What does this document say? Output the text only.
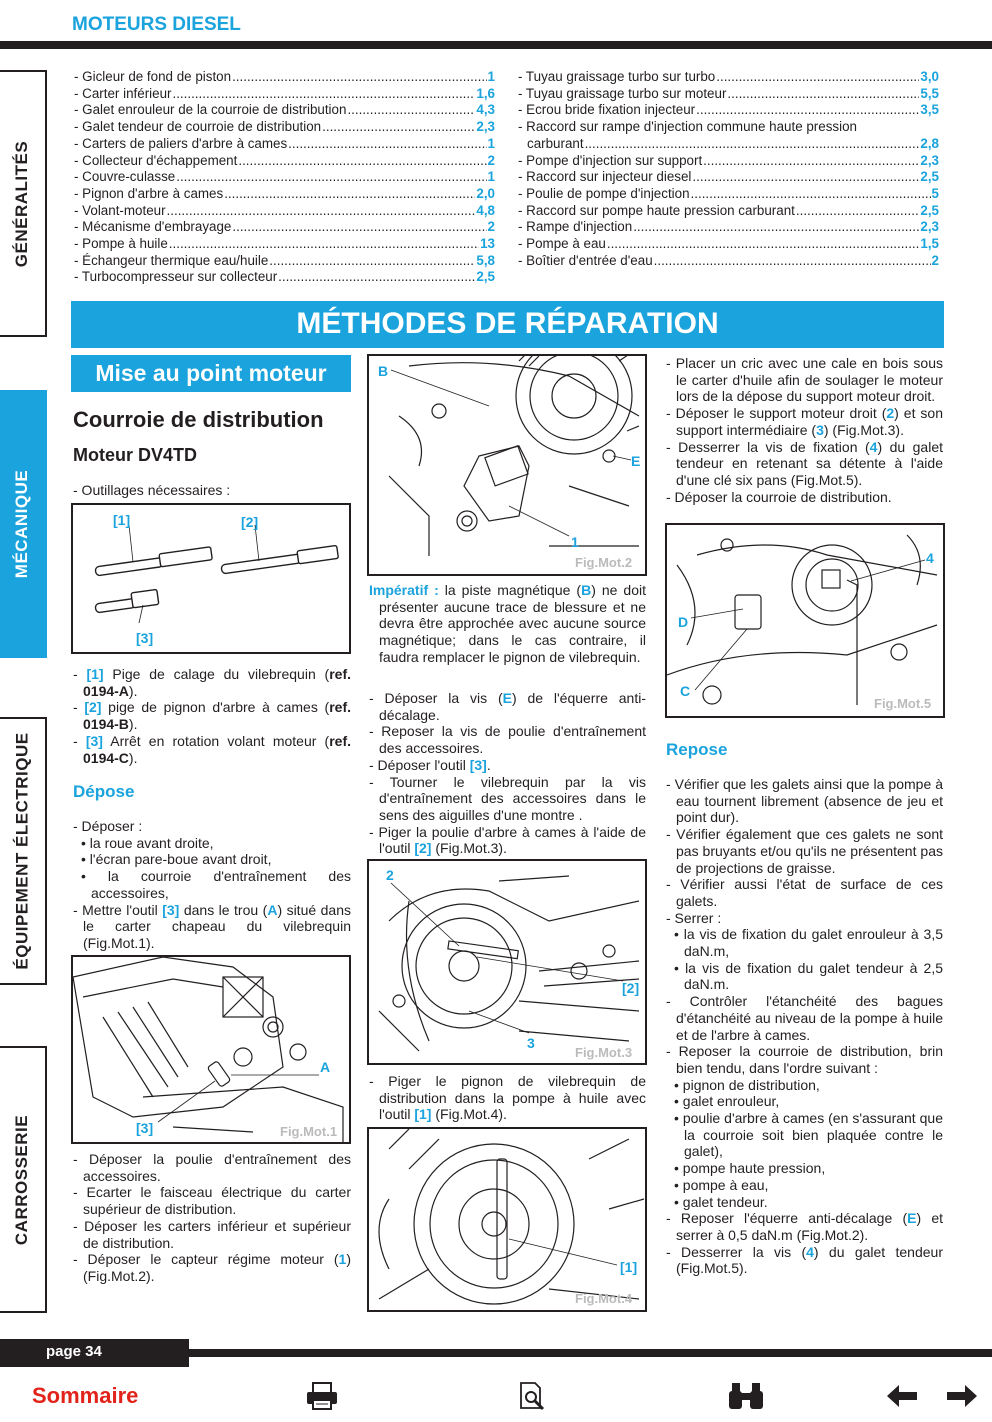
MOTEURS DIESEL
GÉNÉRALITÉS
MÉCANIQUE
ÉQUIPEMENT ÉLECTRIQUE
CARROSSERIE
- Gicleur de fond de piston .....	1
- Carter inférieur .....	1,6
- Galet enrouleur de la courroie de distribution .....	4,3
- Galet tendeur de courroie de distribution .....	2,3
- Carters de paliers d'arbre à cames .....	1
- Collecteur d'échappement .....	2
- Couvre-culasse .....	1
- Pignon d'arbre à cames .....	2,0
- Volant-moteur .....	4,8
- Mécanisme d'embrayage .....	2
- Pompe à huile .....	13
- Échangeur thermique eau/huile .....	5,8
- Turbocompresseur sur collecteur .....	2,5
- Tuyau graissage turbo sur turbo .....	3,0
- Tuyau graissage turbo sur moteur .....	5,5
- Ecrou bride fixation injecteur .....	3,5
- Raccord sur rampe d'injection commune haute pression
carburant .....	2,8
- Pompe d'injection sur support .....	2,3
- Raccord sur injecteur diesel .....	2,5
- Poulie de pompe d'injection .....	5
- Raccord sur pompe haute pression carburant .....	2,5
- Rampe d'injection .....	2,3
- Pompe à eau .....	1,5
- Boîtier d'entrée d'eau .....	2
MÉTHODES DE RÉPARATION
Mise au point moteur
Courroie de distribution
Moteur DV4TD
- Outillages nécessaires :
[1]	[2]
[3]

- [1] Pige de calage du vilebrequin (ref. 0194-A).

- [2] pige de pignon d'arbre à cames (ref. 0194-B).

- [3] Arrêt en rotation volant moteur (ref. 0194-C).

Dépose

- Déposer :

• la roue avant droite,

• l'écran pare-boue avant droit,

• la courroie d'entraînement des accessoires,

- Mettre l'outil [3] dans le trou (A) situé dans le carter chapeau du vilebrequin (Fig.Mot.1).

A
[3]	Fig.Mot.1

- Déposer la poulie d'entraînement des accessoires.

- Ecarter le faisceau électrique du carter supérieur de distribution.

- Déposer les carters inférieur et supérieur de distribution.

- Déposer le capteur régime moteur (1) (Fig.Mot.2).

B
E
1
Fig.Mot.2

Impératif : la piste magnétique (B) ne doit présenter aucune trace de blessure et ne devra être approchée avec aucune source magnétique; dans le cas contraire, il faudra remplacer le pignon de vilebrequin.

- Déposer la vis (E) de l'équerre anti-décalage.

- Reposer la vis de poulie d'entraînement des accessoires.

- Déposer l'outil [3].

- Tourner le vilebrequin par la vis d'entraînement des accessoires dans le sens des aiguilles d'une montre .

- Piger la poulie d'arbre à cames à l'aide de l'outil [2] (Fig.Mot.3).

2
[2]
3
Fig.Mot.3

- Piger le pignon de vilebrequin de distribution dans la pompe à huile avec l'outil [1] (Fig.Mot.4).

[1]
Fig.Mot.4

- Placer un cric avec une cale en bois sous le carter d'huile afin de soulager le moteur lors de la dépose du support moteur droit.

- Déposer le support moteur droit (2) et son support intermédiaire (3) (Fig.Mot.3).

- Desserrer la vis de fixation (4) du galet tendeur en retenant sa détente à l'aide d'une clé six pans (Fig.Mot.5).

- Déposer la courroie de distribution.

4
D
C
Fig.Mot.5
Repose

- Vérifier que les galets ainsi que la pompe à eau tournent librement (absence de jeu et point dur).

- Vérifier également que ces galets ne sont pas bruyants et/ou qu'ils ne présentent pas de projections de graisse.

- Vérifier aussi l'état de surface de ces galets.

- Serrer :

• la vis de fixation du galet enrouleur à 3,5 daN.m,

• la vis de fixation du galet tendeur à 2,5 daN.m.

- Contrôler l'étanchéité des bagues d'étanchéité au niveau de la pompe à huile et de l'arbre à cames.

- Reposer la courroie de distribution, brin bien tendu, dans l'ordre suivant :

• pignon de distribution,

• galet enrouleur,

• poulie d'arbre à cames (en s'assurant que la courroie soit bien plaquée contre le galet),

• pompe haute pression,

• pompe à eau,

• galet tendeur.

- Reposer l'équerre anti-décalage (E) et serrer à 0,5 daN.m (Fig.Mot.2).

- Desserrer la vis (4) du galet tendeur (Fig.Mot.5).

page 34
Sommaire
